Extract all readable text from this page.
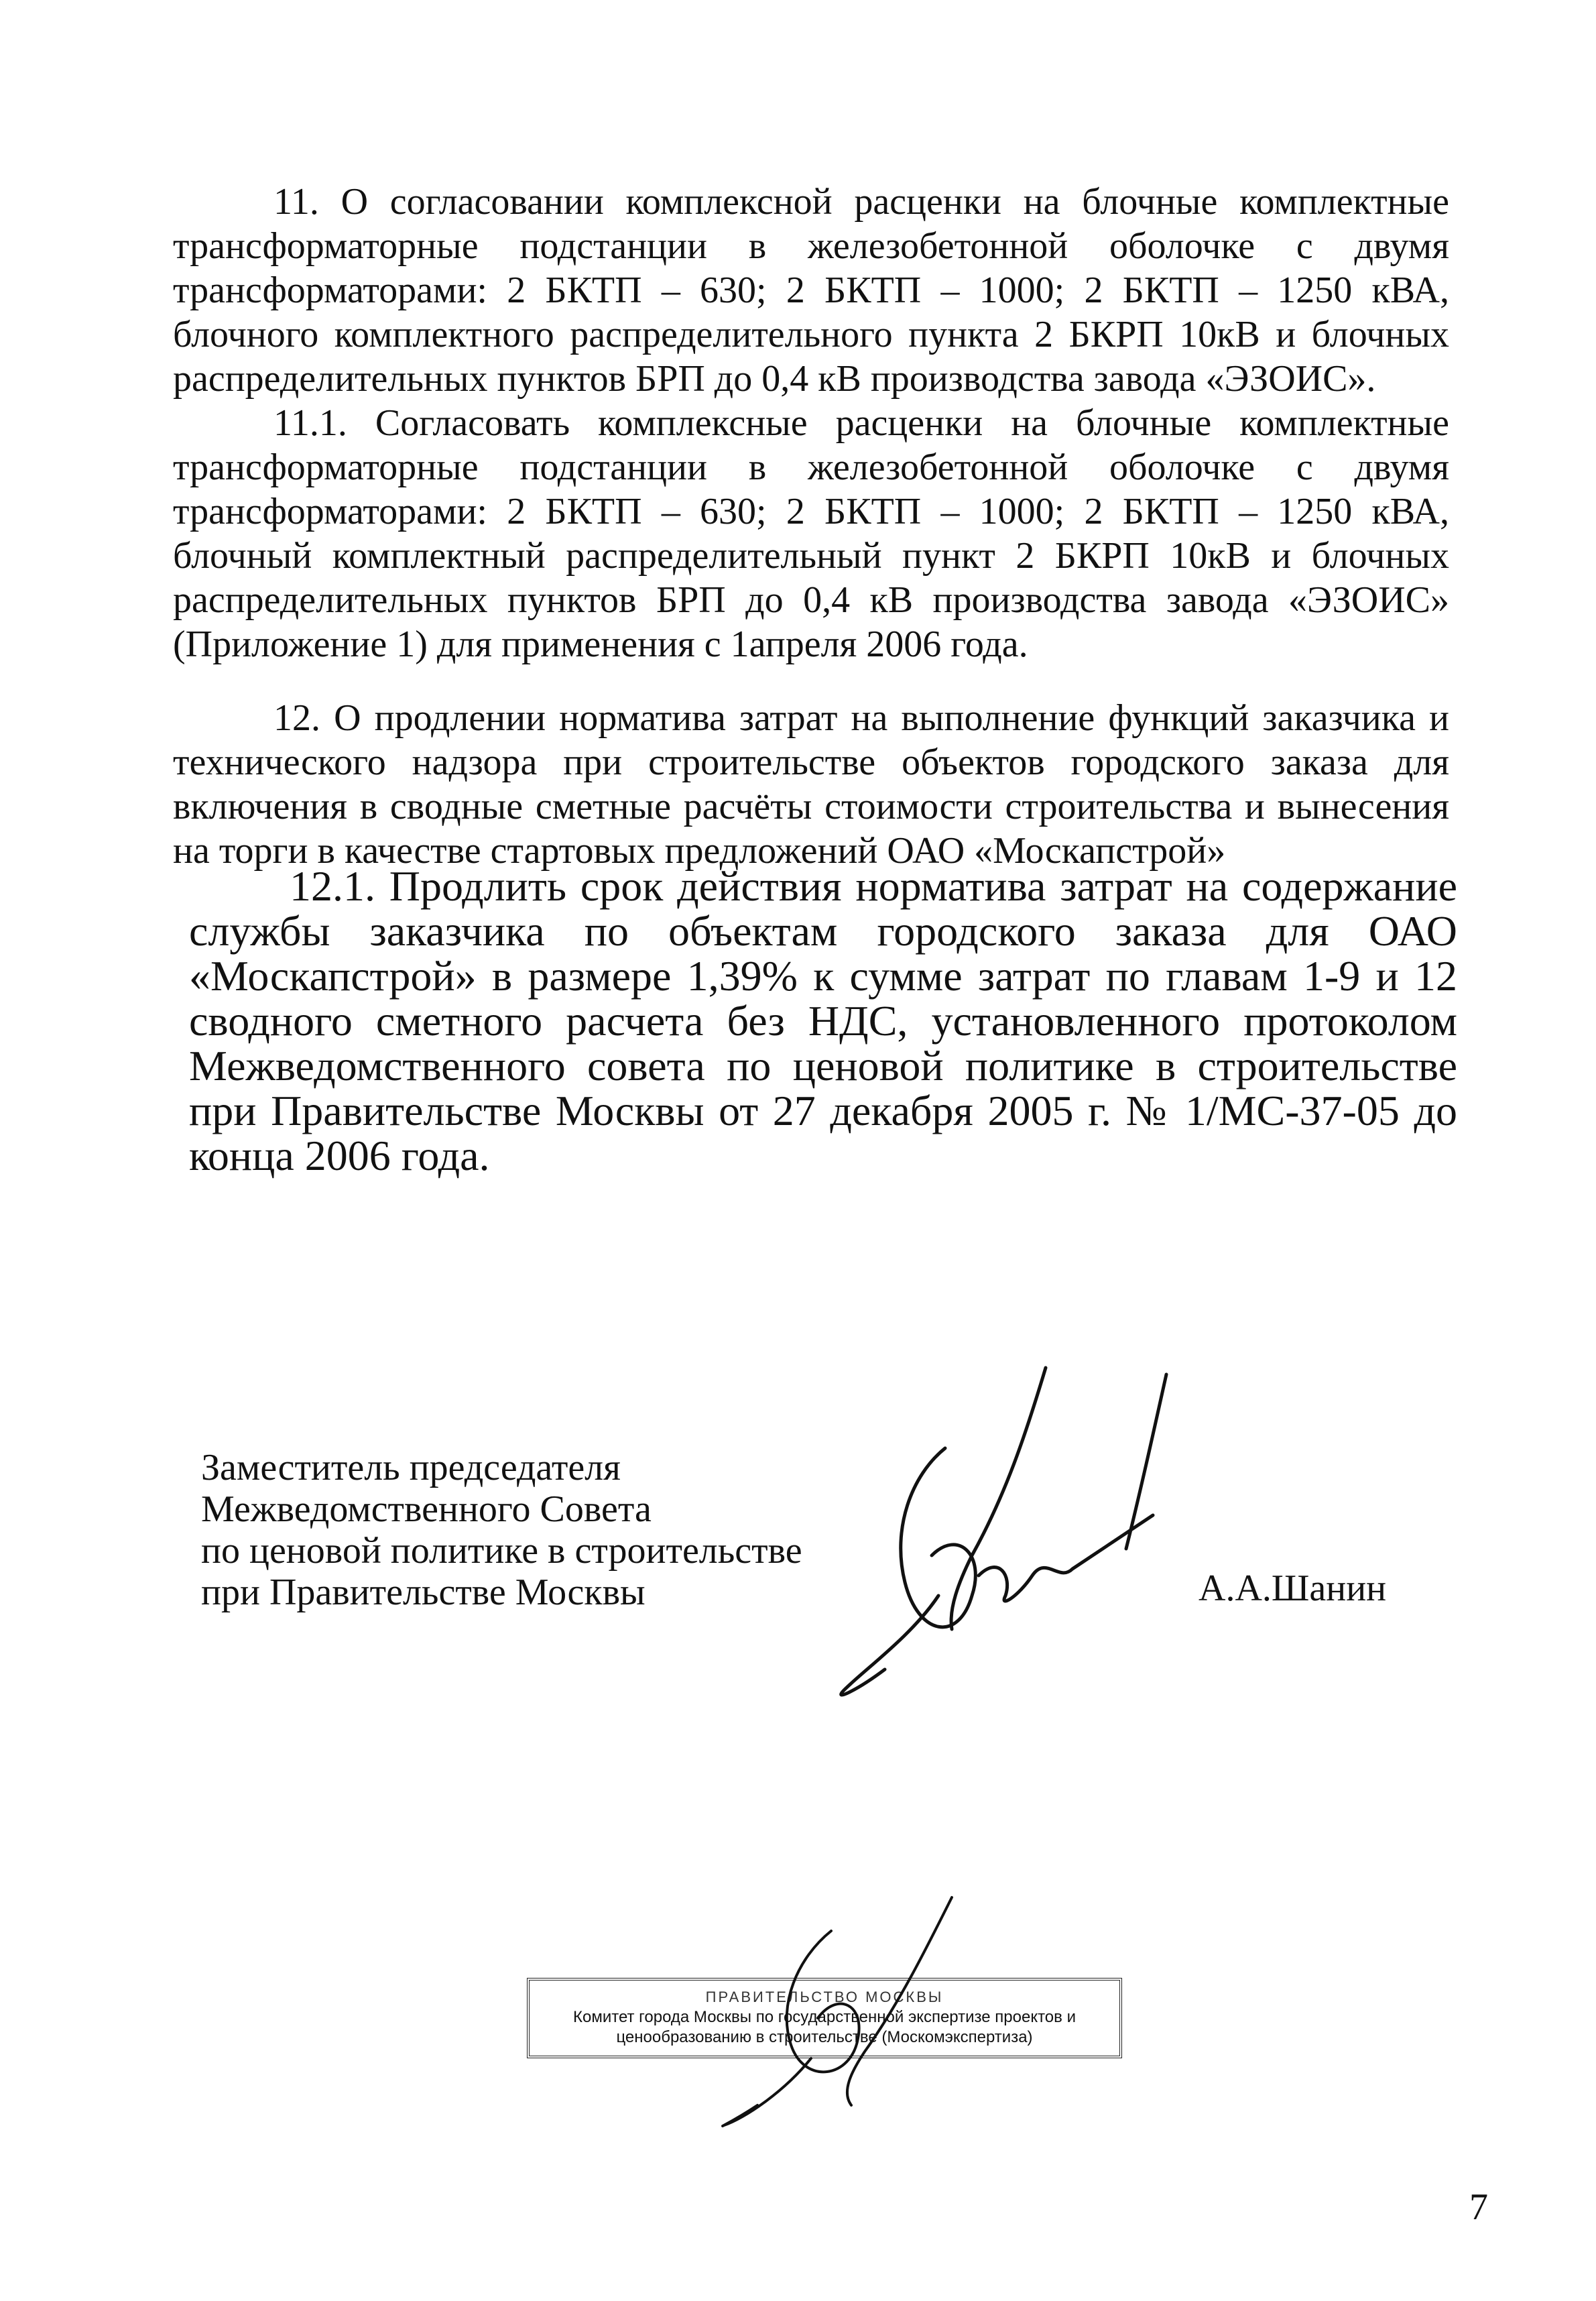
11. О согласовании комплексной расценки на блочные комплектные трансформаторные подстанции в железобетонной оболочке с двумя трансформаторами: 2 БКТП – 630; 2 БКТП – 1000; 2 БКТП – 1250 кВА, блочного комплектного распределительного пункта 2 БКРП 10кВ и блочных распределительных пунктов БРП до 0,4 кВ производства завода «ЭЗОИС».

11.1. Согласовать комплексные расценки на блочные комплектные трансформаторные подстанции в железобетонной оболочке с двумя трансформаторами: 2 БКТП – 630; 2 БКТП – 1000; 2 БКТП – 1250 кВА, блочный комплектный распределительный пункт 2 БКРП 10кВ и блочных распределительных пунктов БРП до 0,4 кВ производства завода «ЭЗОИС» (Приложение 1) для применения с 1апреля 2006 года.

12. О продлении норматива затрат на выполнение функций заказчика и технического надзора при строительстве объектов городского заказа для включения в сводные сметные расчёты стоимости строительства и вынесения на торги в качестве стартовых предложений ОАО «Москапстрой»

12.1. Продлить срок действия норматива затрат на содержание службы заказчика по объектам городского заказа для ОАО «Москапстрой» в размере 1,39% к сумме затрат по главам 1-9 и 12 сводного сметного расчета без НДС, установленного протоколом Межведомственного совета по ценовой политике в строительстве при Правительстве Москвы от 27 декабря 2005 г. № 1/МС-37-05 до конца 2006 года.

Заместитель председателя
Межведомственного Совета
по ценовой политике в строительстве
при Правительстве Москвы	А.А.Шанин
ПРАВИТЕЛЬСТВО МОСКВЫ
Комитет города Москвы по государственной экспертизе проектов и
ценообразованию в строительстве (Москомэкспертиза)
7
